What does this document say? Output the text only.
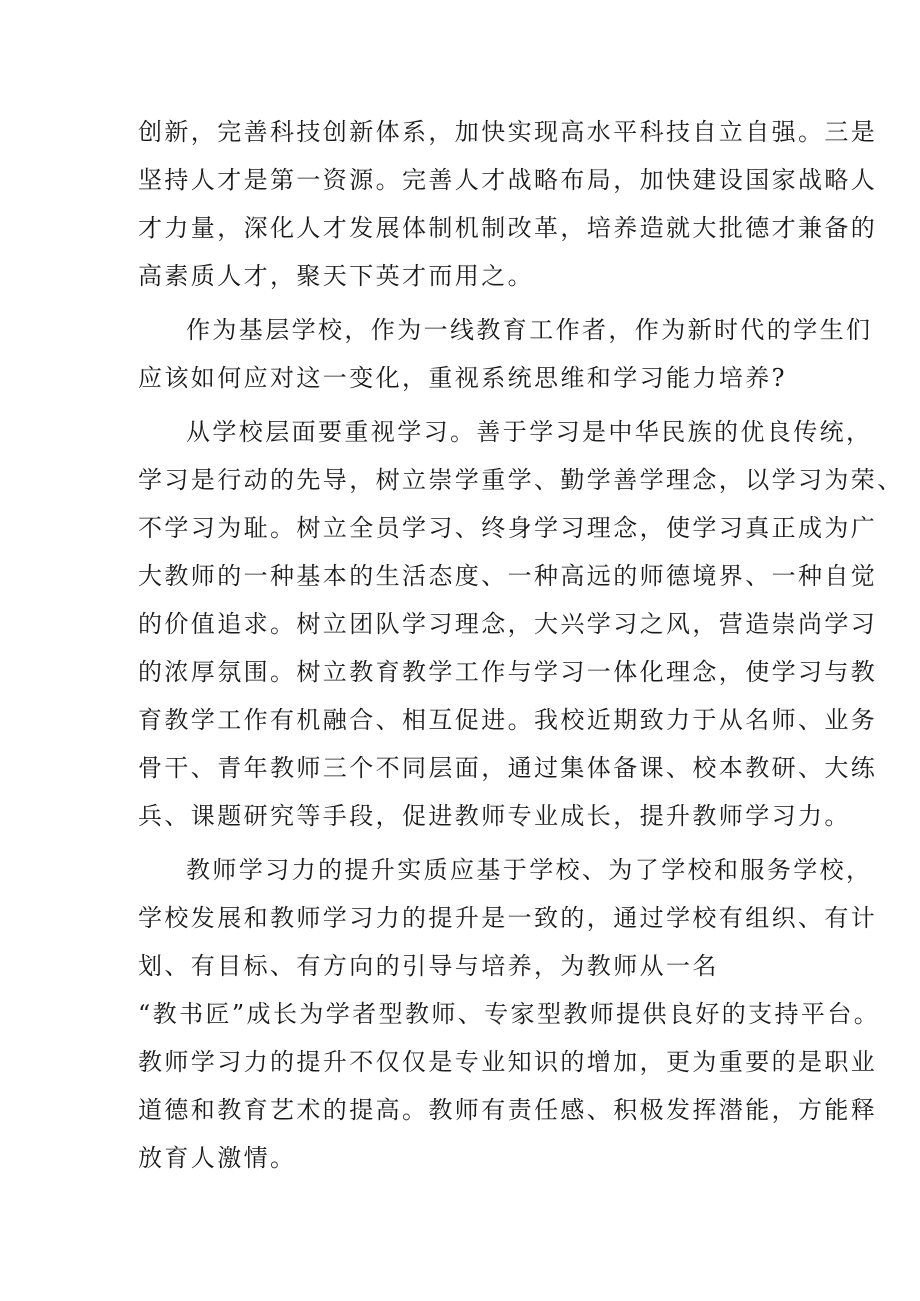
创新，完善科技创新体系，加快实现高水平科技自立自强。三是
坚持人才是第一资源。完善人才战略布局，加快建设国家战略人
才力量，深化人才发展体制机制改革，培养造就大批德才兼备的
高素质人才，聚天下英才而用之。
作为基层学校，作为一线教育工作者，作为新时代的学生们
应该如何应对这一变化，重视系统思维和学习能力培养?
从学校层面要重视学习。善于学习是中华民族的优良传统，
学习是行动的先导，树立崇学重学、勤学善学理念，以学习为荣、
不学习为耻。树立全员学习、终身学习理念，使学习真正成为广
大教师的一种基本的生活态度、一种高远的师德境界、一种自觉
的价值追求。树立团队学习理念，大兴学习之风，营造崇尚学习
的浓厚氛围。树立教育教学工作与学习一体化理念，使学习与教
育教学工作有机融合、相互促进。我校近期致力于从名师、业务
骨干、青年教师三个不同层面，通过集体备课、校本教研、大练
兵、课题研究等手段，促进教师专业成长，提升教师学习力。
教师学习力的提升实质应基于学校、为了学校和服务学校，
学校发展和教师学习力的提升是一致的，通过学校有组织、有计
划、有目标、有方向的引导与培养，为教师从一名
“教书匠”成长为学者型教师、专家型教师提供良好的支持平台。
教师学习力的提升不仅仅是专业知识的增加，更为重要的是职业
道德和教育艺术的提高。教师有责任感、积极发挥潜能，方能释
放育人激情。
